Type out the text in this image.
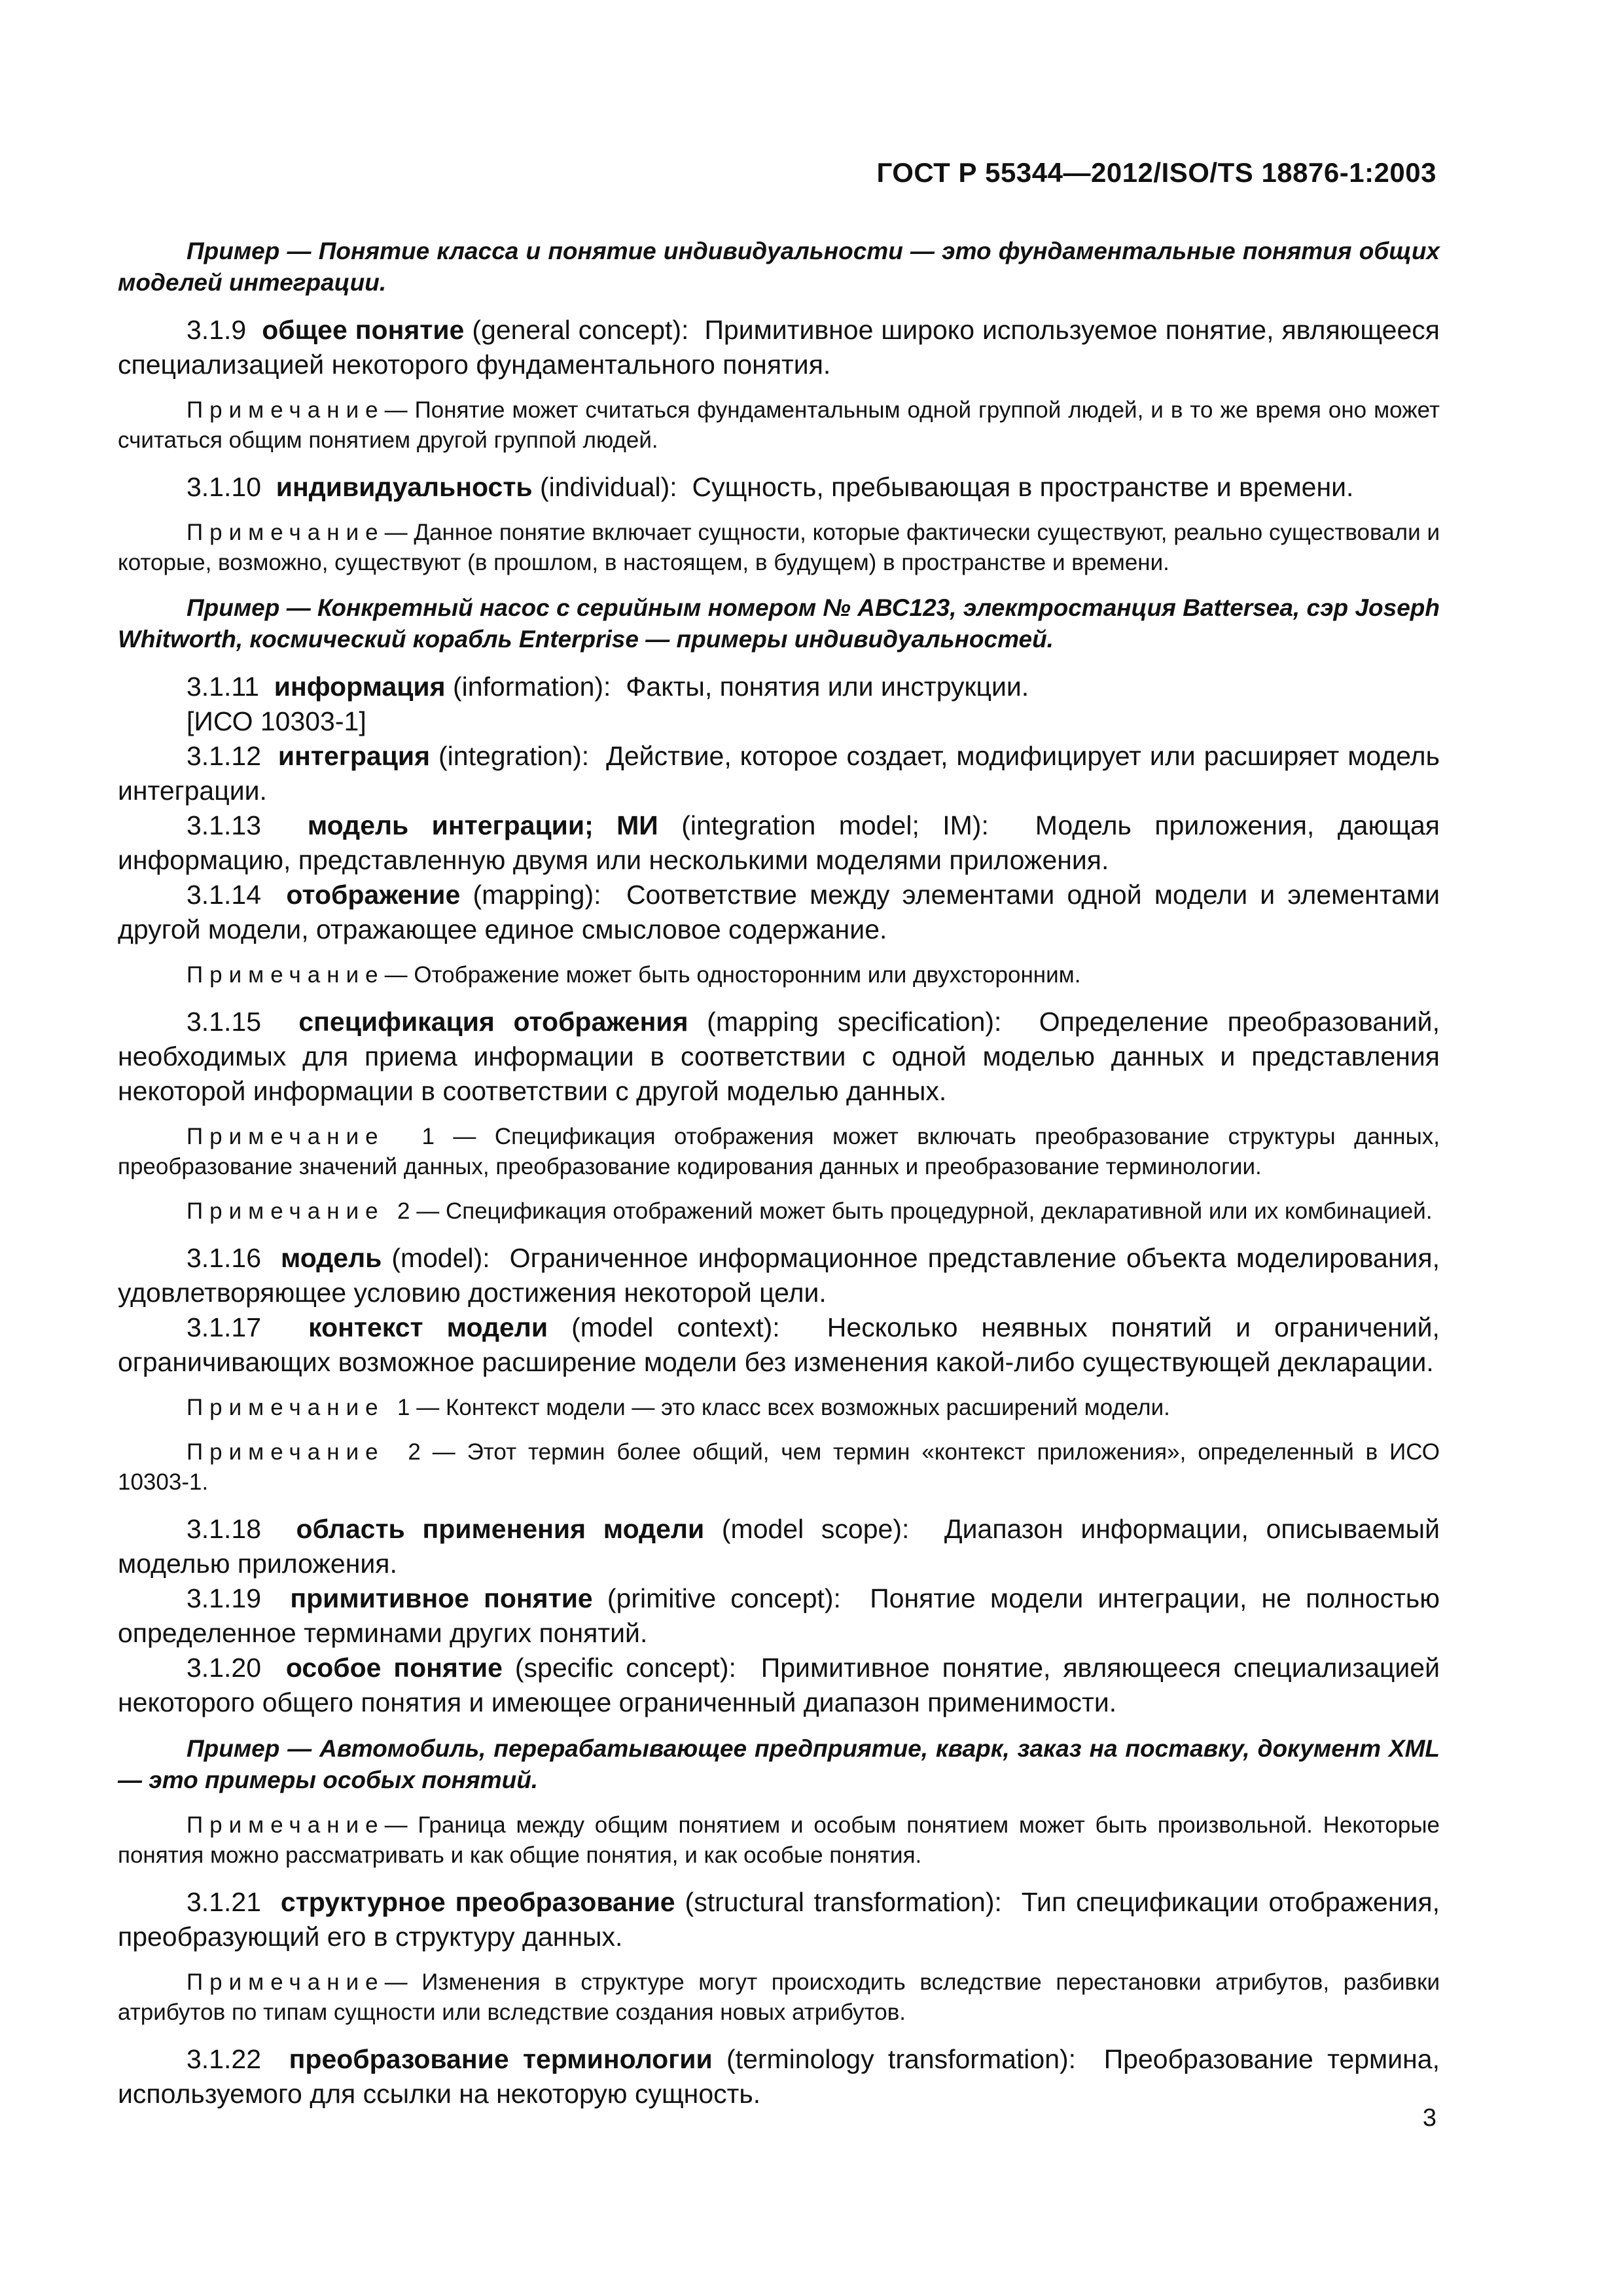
ГОСТ Р 55344—2012/ISO/TS 18876-1:2003

Пример — Понятие класса и понятие индивидуальности — это фундаментальные понятия общих моделей интеграции.

3.1.9 общее понятие (general concept): Примитивное широко используемое понятие, являющееся специализацией некоторого фундаментального понятия.

Примечание— Понятие может считаться фундаментальным одной группой людей, и в то же время оно может считаться общим понятием другой группой людей.

3.1.10 индивидуальность (individual): Сущность, пребывающая в пространстве и времени.

Примечание— Данное понятие включает сущности, которые фактически существуют, реально существовали и которые, возможно, существуют (в прошлом, в настоящем, в будущем) в пространстве и времени.

Пример — Конкретный насос с серийным номером № АВС123, электростанция Battersea, сэр Joseph Whitworth, космический корабль Enterprise — примеры индивидуальностей.

3.1.11 информация (information): Факты, понятия или инструкции.

[ИСО 10303-1]

3.1.12 интеграция (integration): Действие, которое создает, модифицирует или расширяет модель интеграции.

3.1.13 модель интеграции; МИ (integration model; IM): Модель приложения, дающая информацию, представленную двумя или несколькими моделями приложения.

3.1.14 отображение (mapping): Соответствие между элементами одной модели и элементами другой модели, отражающее единое смысловое содержание.

Примечание— Отображение может быть односторонним или двухсторонним.

3.1.15 спецификация отображения (mapping specification): Определение преобразований, необходимых для приема информации в соответствии с одной моделью данных и представления некоторой информации в соответствии с другой моделью данных.

Примечание 1 — Спецификация отображения может включать преобразование структуры данных, преобразование значений данных, преобразование кодирования данных и преобразование терминологии.

Примечание 2 — Спецификация отображений может быть процедурной, декларативной или их комбинацией.

3.1.16 модель (model): Ограниченное информационное представление объекта моделирования, удовлетворяющее условию достижения некоторой цели.

3.1.17 контекст модели (model context): Несколько неявных понятий и ограничений, ограничивающих возможное расширение модели без изменения какой-либо существующей декларации.

Примечание 1 — Контекст модели — это класс всех возможных расширений модели.

Примечание 2 — Этот термин более общий, чем термин «контекст приложения», определенный в ИСО 10303-1.

3.1.18 область применения модели (model scope): Диапазон информации, описываемый моделью приложения.

3.1.19 примитивное понятие (primitive concept): Понятие модели интеграции, не полностью определенное терминами других понятий.

3.1.20 особое понятие (specific concept): Примитивное понятие, являющееся специализацией некоторого общего понятия и имеющее ограниченный диапазон применимости.

Пример — Автомобиль, перерабатывающее предприятие, кварк, заказ на поставку, документ XML — это примеры особых понятий.

Примечание— Граница между общим понятием и особым понятием может быть произвольной. Некоторые понятия можно рассматривать и как общие понятия, и как особые понятия.

3.1.21 структурное преобразование (structural transformation): Тип спецификации отображения, преобразующий его в структуру данных.

Примечание— Изменения в структуре могут происходить вследствие перестановки атрибутов, разбивки атрибутов по типам сущности или вследствие создания новых атрибутов.

3.1.22 преобразование терминологии (terminology transformation): Преобразование термина, используемого для ссылки на некоторую сущность.

3
